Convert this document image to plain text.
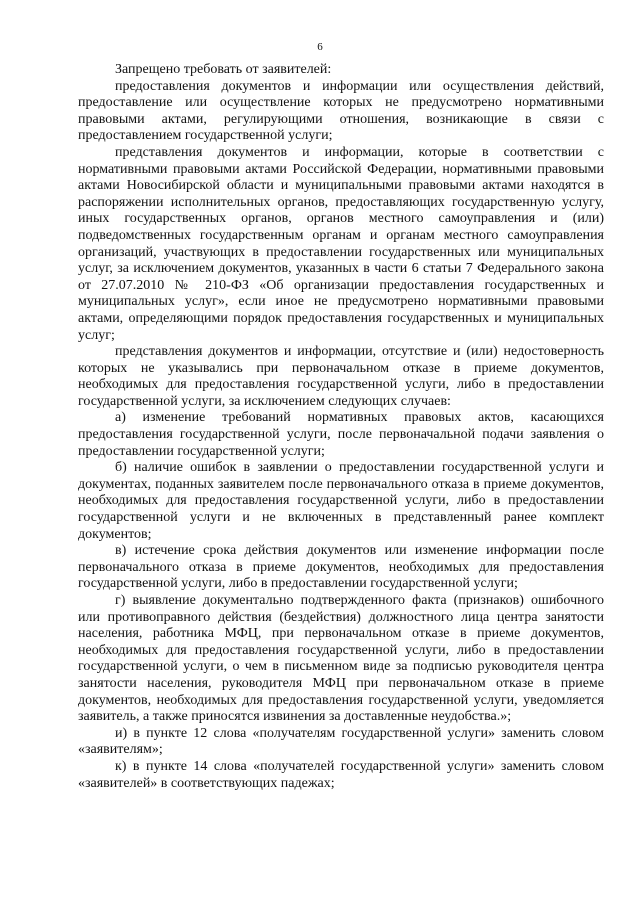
6

Запрещено требовать от заявителей:

предоставления документов и информации или осуществления действий, предоставление или осуществление которых не предусмотрено нормативными правовыми актами, регулирующими отношения, возникающие в связи с предоставлением государственной услуги;

представления документов и информации, которые в соответствии с нормативными правовыми актами Российской Федерации, нормативными правовыми актами Новосибирской области и муниципальными правовыми актами находятся в распоряжении исполнительных органов, предоставляющих государственную услугу, иных государственных органов, органов местного самоуправления и (или) подведомственных государственным органам и органам местного самоуправления организаций, участвующих в предоставлении государственных или муниципальных услуг, за исключением документов, указанных в части 6 статьи 7 Федерального закона от 27.07.2010 № 210-ФЗ «Об организации предоставления государственных и муниципальных услуг», если иное не предусмотрено нормативными правовыми актами, определяющими порядок предоставления государственных и муниципальных услуг;

представления документов и информации, отсутствие и (или) недостоверность которых не указывались при первоначальном отказе в приеме документов, необходимых для предоставления государственной услуги, либо в предоставлении государственной услуги, за исключением следующих случаев:

а) изменение требований нормативных правовых актов, касающихся предоставления государственной услуги, после первоначальной подачи заявления о предоставлении государственной услуги;

б) наличие ошибок в заявлении о предоставлении государственной услуги и документах, поданных заявителем после первоначального отказа в приеме документов, необходимых для предоставления государственной услуги, либо в предоставлении государственной услуги и не включенных в представленный ранее комплект документов;

в) истечение срока действия документов или изменение информации после первоначального отказа в приеме документов, необходимых для предоставления государственной услуги, либо в предоставлении государственной услуги;

г) выявление документально подтвержденного факта (признаков) ошибочного или противоправного действия (бездействия) должностного лица центра занятости населения, работника МФЦ, при первоначальном отказе в приеме документов, необходимых для предоставления государственной услуги, либо в предоставлении государственной услуги, о чем в письменном виде за подписью руководителя центра занятости населения, руководителя МФЦ при первоначальном отказе в приеме документов, необходимых для предоставления государственной услуги, уведомляется заявитель, а также приносятся извинения за доставленные неудобства.»;

и) в пункте 12 слова «получателям государственной услуги» заменить словом «заявителям»;

к) в пункте 14 слова «получателей государственной услуги» заменить словом «заявителей» в соответствующих падежах;
